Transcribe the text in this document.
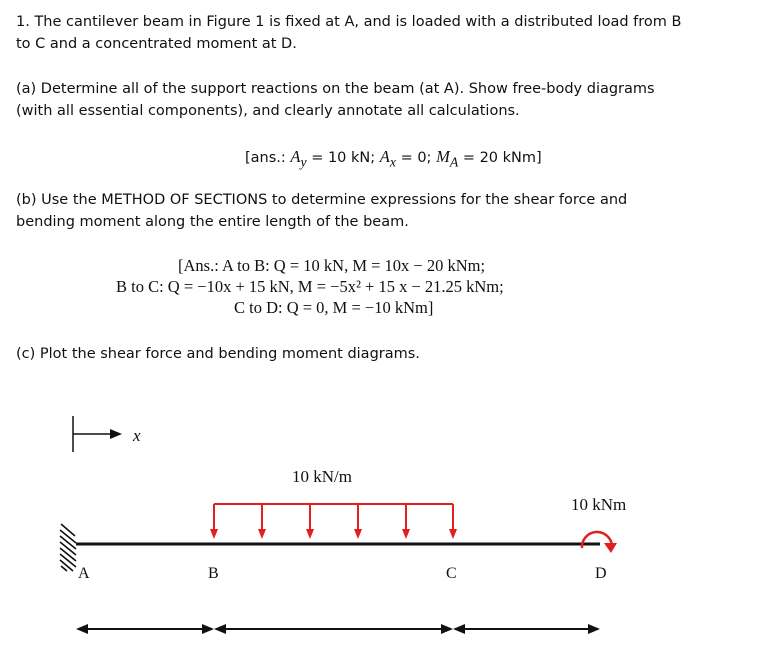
1. The cantilever beam in Figure 1 is fixed at A, and is loaded with a distributed load from B
to C and a concentrated moment at D.
(a) Determine all of the support reactions on the beam (at A). Show free-body diagrams
(with all essential components), and clearly annotate all calculations.
[ans.: $A_y = 10$ kN; $A_x = 0$; $M_A = 20$ kNm]
(b) Use the METHOD OF SECTIONS to determine expressions for the shear force and
bending moment along the entire length of the beam.
[Ans.: A to B: Q = 10 kN, M = 10x − 20 kNm;
B to C: Q = −10x + 15 kN, M = −5x² + 15 x − 21.25 kNm;
C to D: Q = 0, M = −10 kNm]
(c) Plot the shear force and bending moment diagrams.
x
10 kN/m
10 kNm
A	B	C	D
